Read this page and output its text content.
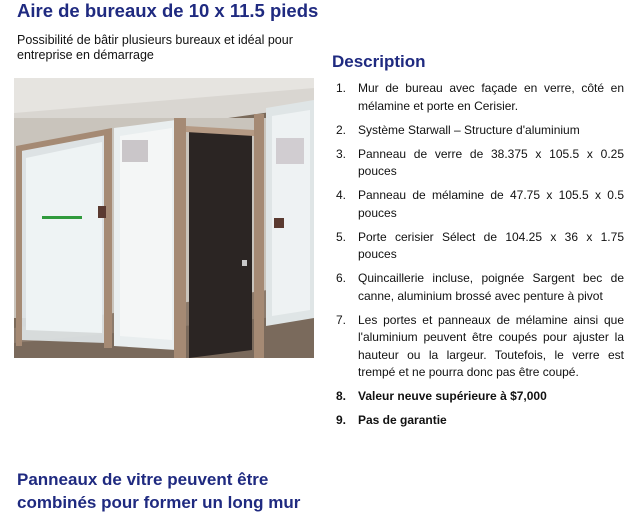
Aire de bureaux de 10 x 11.5 pieds
Possibilité de bâtir plusieurs bureaux et idéal pour entreprise en démarrage
Panneaux de vitre peuvent être combinés pour former un long mur
Description
1. Mur de bureau avec façade en verre, côté en mélamine et porte en Cerisier.
2. Système Starwall – Structure d'aluminium
3. Panneau de verre de 38.375 x 105.5 x 0.25 pouces
4. Panneau de mélamine de 47.75 x 105.5 x 0.5 pouces
5. Porte cerisier Sélect de 104.25 x 36 x 1.75 pouces
6. Quincaillerie incluse, poignée Sargent bec de canne, aluminium brossé avec penture à pivot
7. Les portes et panneaux de mélamine ainsi que l'aluminium peuvent être coupés pour ajuster la hauteur ou la largeur. Toutefois, le verre est trempé et ne pourra donc pas être coupé.
8. Valeur neuve supérieure à $7,000
9. Pas de garantie
